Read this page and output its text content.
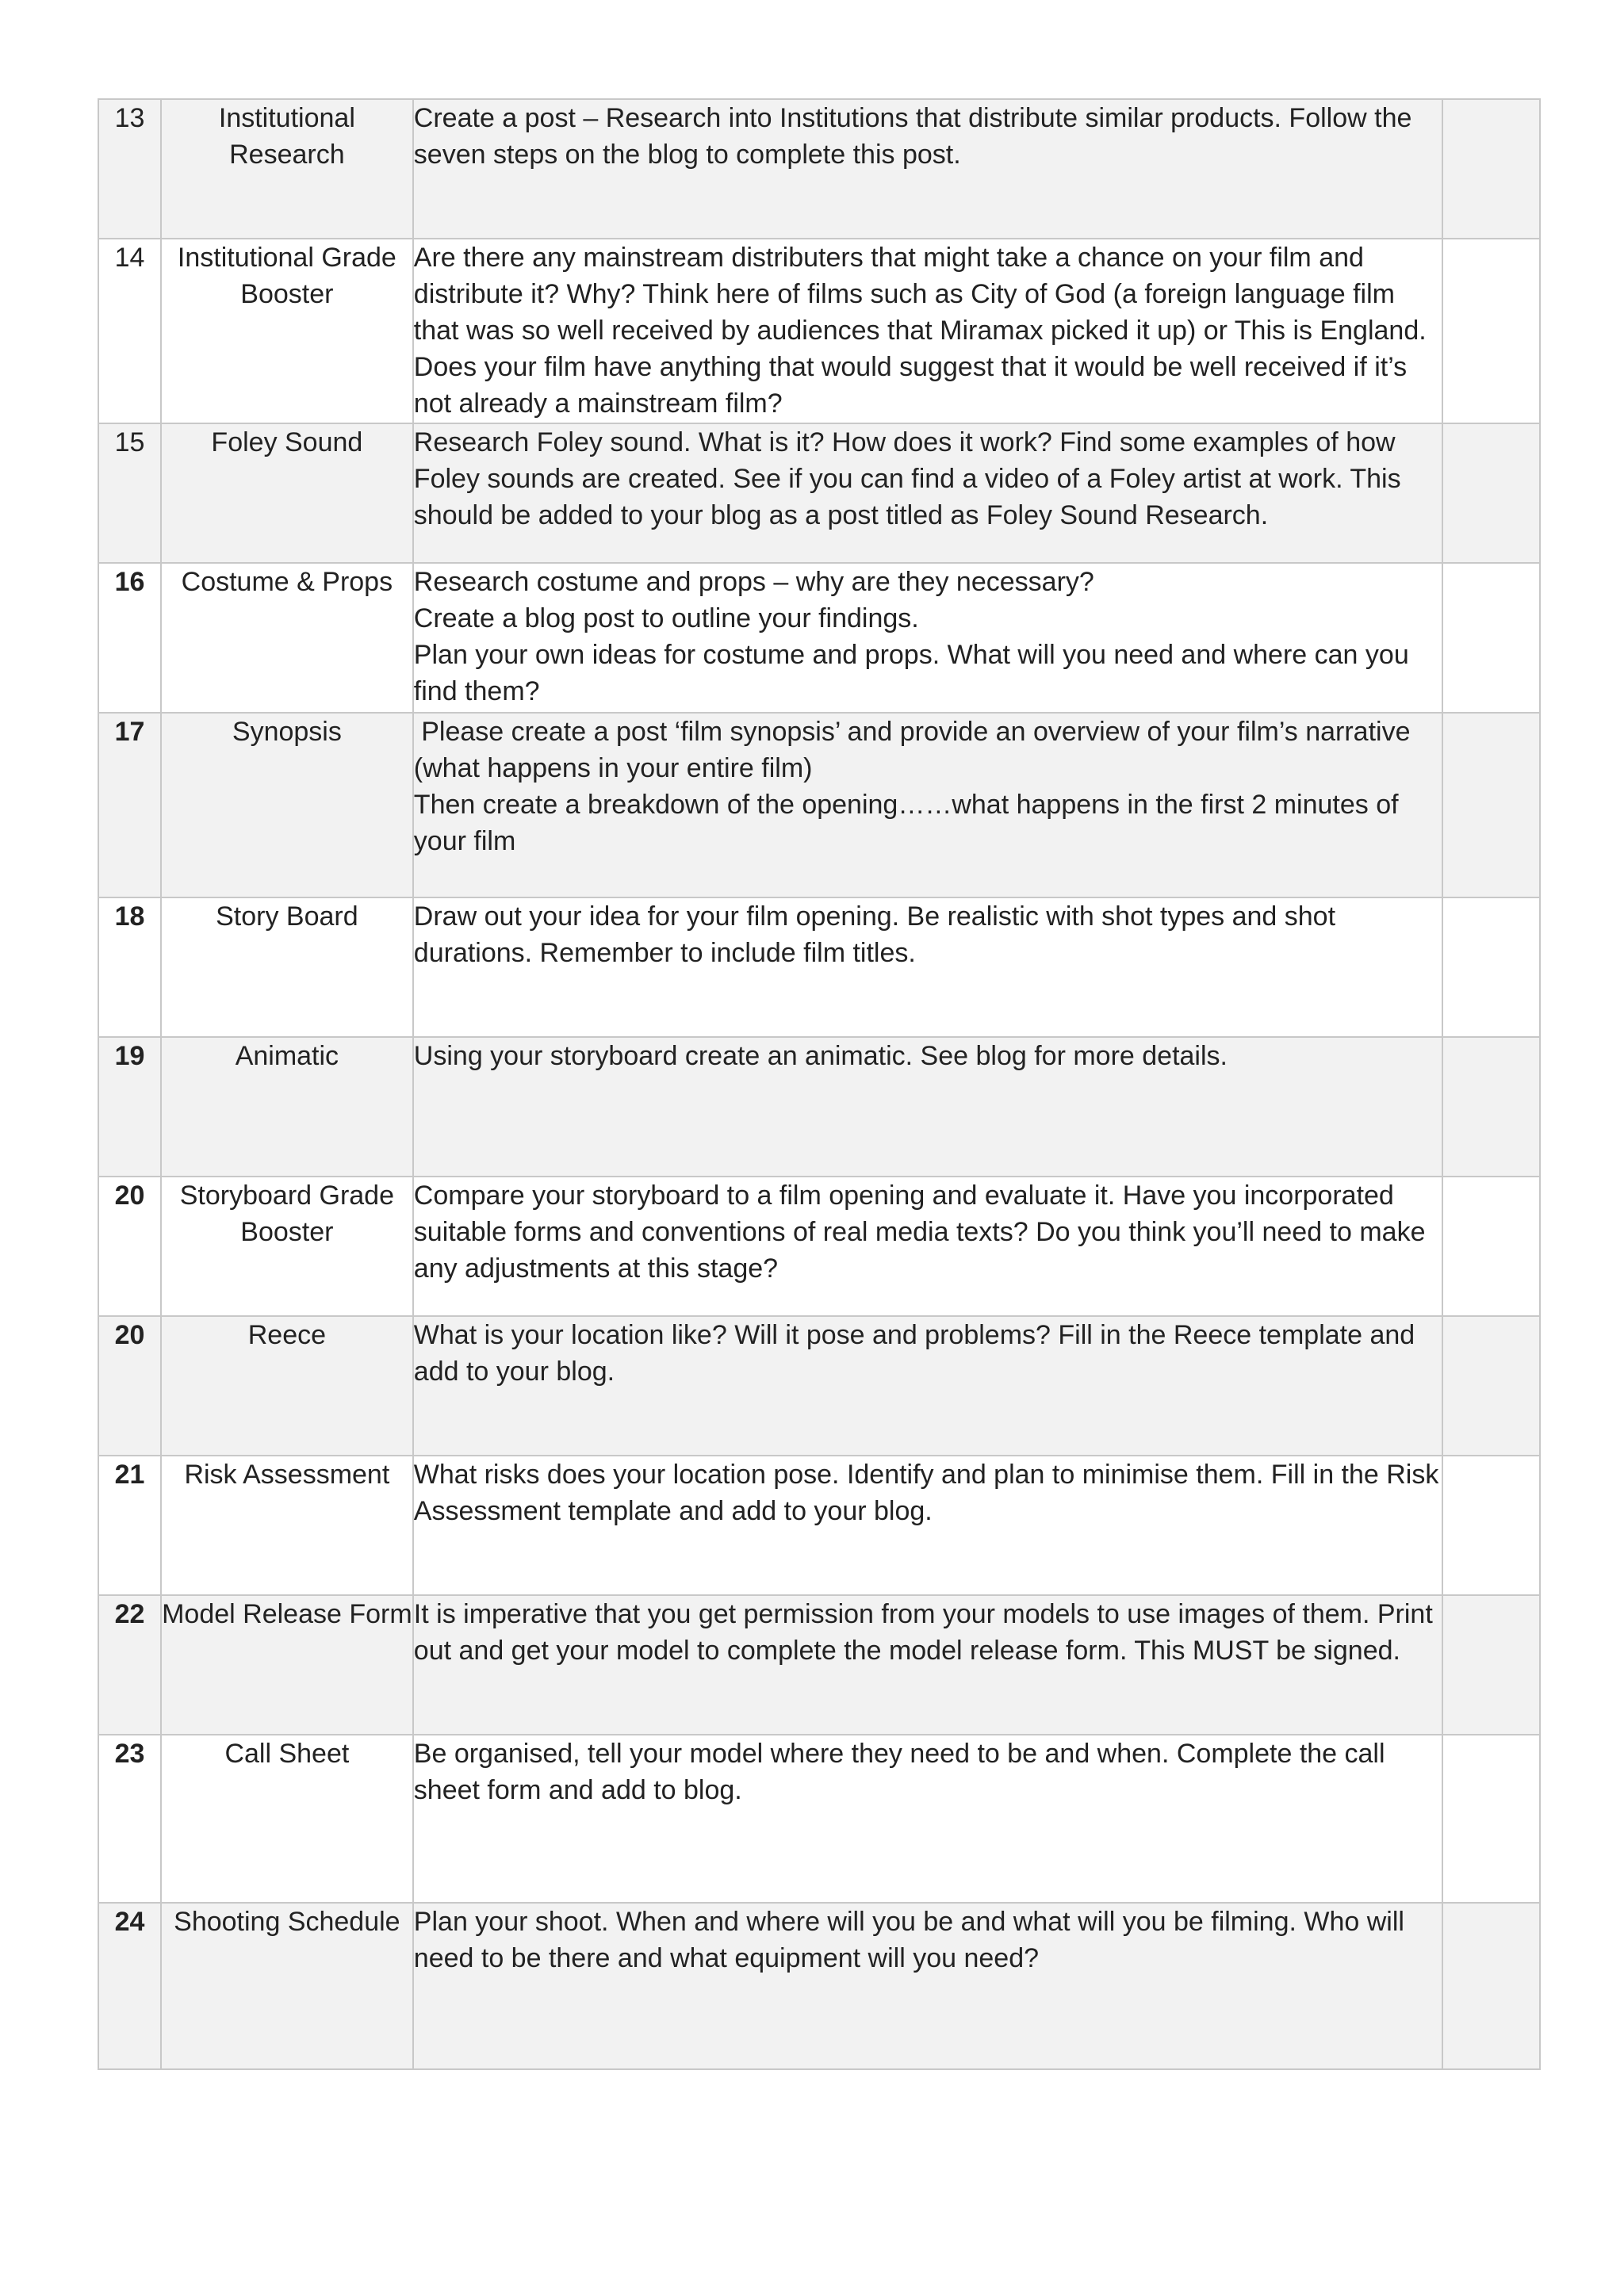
13	Institutional Research	Create a post – Research into Institutions that distribute similar products. Follow the seven steps on the blog to complete this post.	

14	Institutional Grade Booster	Are there any mainstream distributers that might take a chance on your film and distribute it? Why? Think here of films such as City of God (a foreign language film that was so well received by audiences that Miramax picked it up) or This is England. Does your film have anything that would suggest that it would be well received if it’s not already a mainstream film?	

15	Foley Sound	Research Foley sound. What is it? How does it work? Find some examples of how Foley sounds are created. See if you can find a video of a Foley artist at work. This should be added to your blog as a post titled as Foley Sound Research.	

16	Costume & Props	Research costume and props – why are they necessary?
Create a blog post to outline your findings.
Plan your own ideas for costume and props. What will you need and where can you find them?	

17	Synopsis	Please create a post ‘film synopsis’ and provide an overview of your film’s narrative (what happens in your entire film)
Then create a breakdown of the opening……what happens in the first 2 minutes of your film	

18	Story Board	Draw out your idea for your film opening. Be realistic with shot types and shot durations. Remember to include film titles.	

19	Animatic	Using your storyboard create an animatic. See blog for more details.	

20	Storyboard Grade Booster	Compare your storyboard to a film opening and evaluate it. Have you incorporated suitable forms and conventions of real media texts? Do you think you’ll need to make any adjustments at this stage?	

20	Reece	What is your location like? Will it pose and problems? Fill in the Reece template and add to your blog.	

21	Risk Assessment	What risks does your location pose. Identify and plan to minimise them. Fill in the Risk Assessment template and add to your blog.	

22	Model Release Form	It is imperative that you get permission from your models to use images of them. Print out and get your model to complete the model release form. This MUST be signed.	

23	Call Sheet	Be organised, tell your model where they need to be and when. Complete the call sheet form and add to blog.	

24	Shooting Schedule	Plan your shoot. When and where will you be and what will you be filming. Who will need to be there and what equipment will you need?	
